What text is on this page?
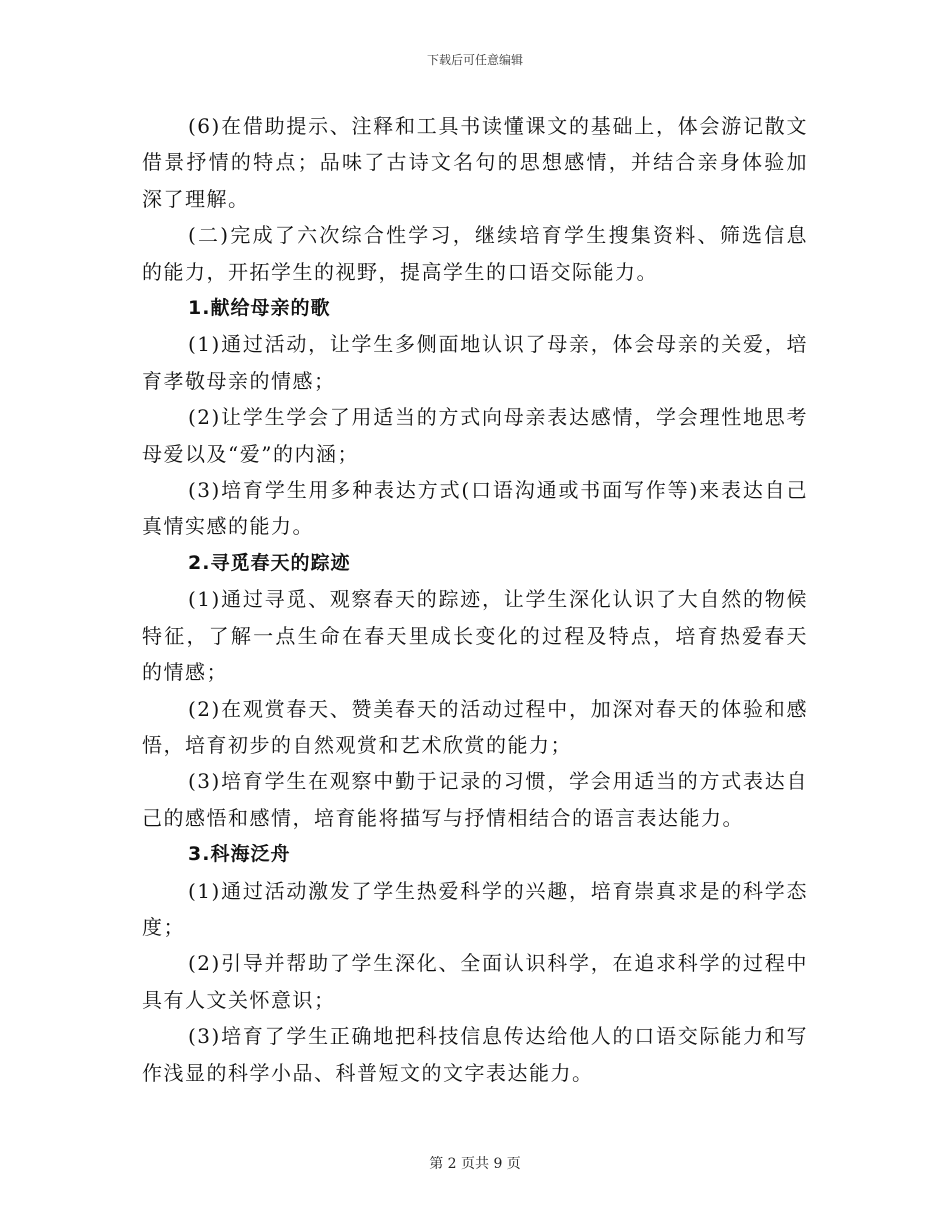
下载后可任意编辑

(6)在借助提示、注释和工具书读懂课文的基础上，体会游记散文借景抒情的特点；品味了古诗文名句的思想感情，并结合亲身体验加深了理解。

(二)完成了六次综合性学习，继续培育学生搜集资料、筛选信息的能力，开拓学生的视野，提高学生的口语交际能力。

1.献给母亲的歌

(1)通过活动，让学生多侧面地认识了母亲，体会母亲的关爱，培育孝敬母亲的情感；

(2)让学生学会了用适当的方式向母亲表达感情，学会理性地思考母爱以及“爱”的内涵；

(3)培育学生用多种表达方式(口语沟通或书面写作等)来表达自己真情实感的能力。

2.寻觅春天的踪迹

(1)通过寻觅、观察春天的踪迹，让学生深化认识了大自然的物候特征，了解一点生命在春天里成长变化的过程及特点，培育热爱春天的情感；

(2)在观赏春天、赞美春天的活动过程中，加深对春天的体验和感悟，培育初步的自然观赏和艺术欣赏的能力；

(3)培育学生在观察中勤于记录的习惯，学会用适当的方式表达自己的感悟和感情，培育能将描写与抒情相结合的语言表达能力。

3.科海泛舟

(1)通过活动激发了学生热爱科学的兴趣，培育崇真求是的科学态度；

(2)引导并帮助了学生深化、全面认识科学，在追求科学的过程中具有人文关怀意识；

(3)培育了学生正确地把科技信息传达给他人的口语交际能力和写作浅显的科学小品、科普短文的文字表达能力。

第 2 页共 9 页
